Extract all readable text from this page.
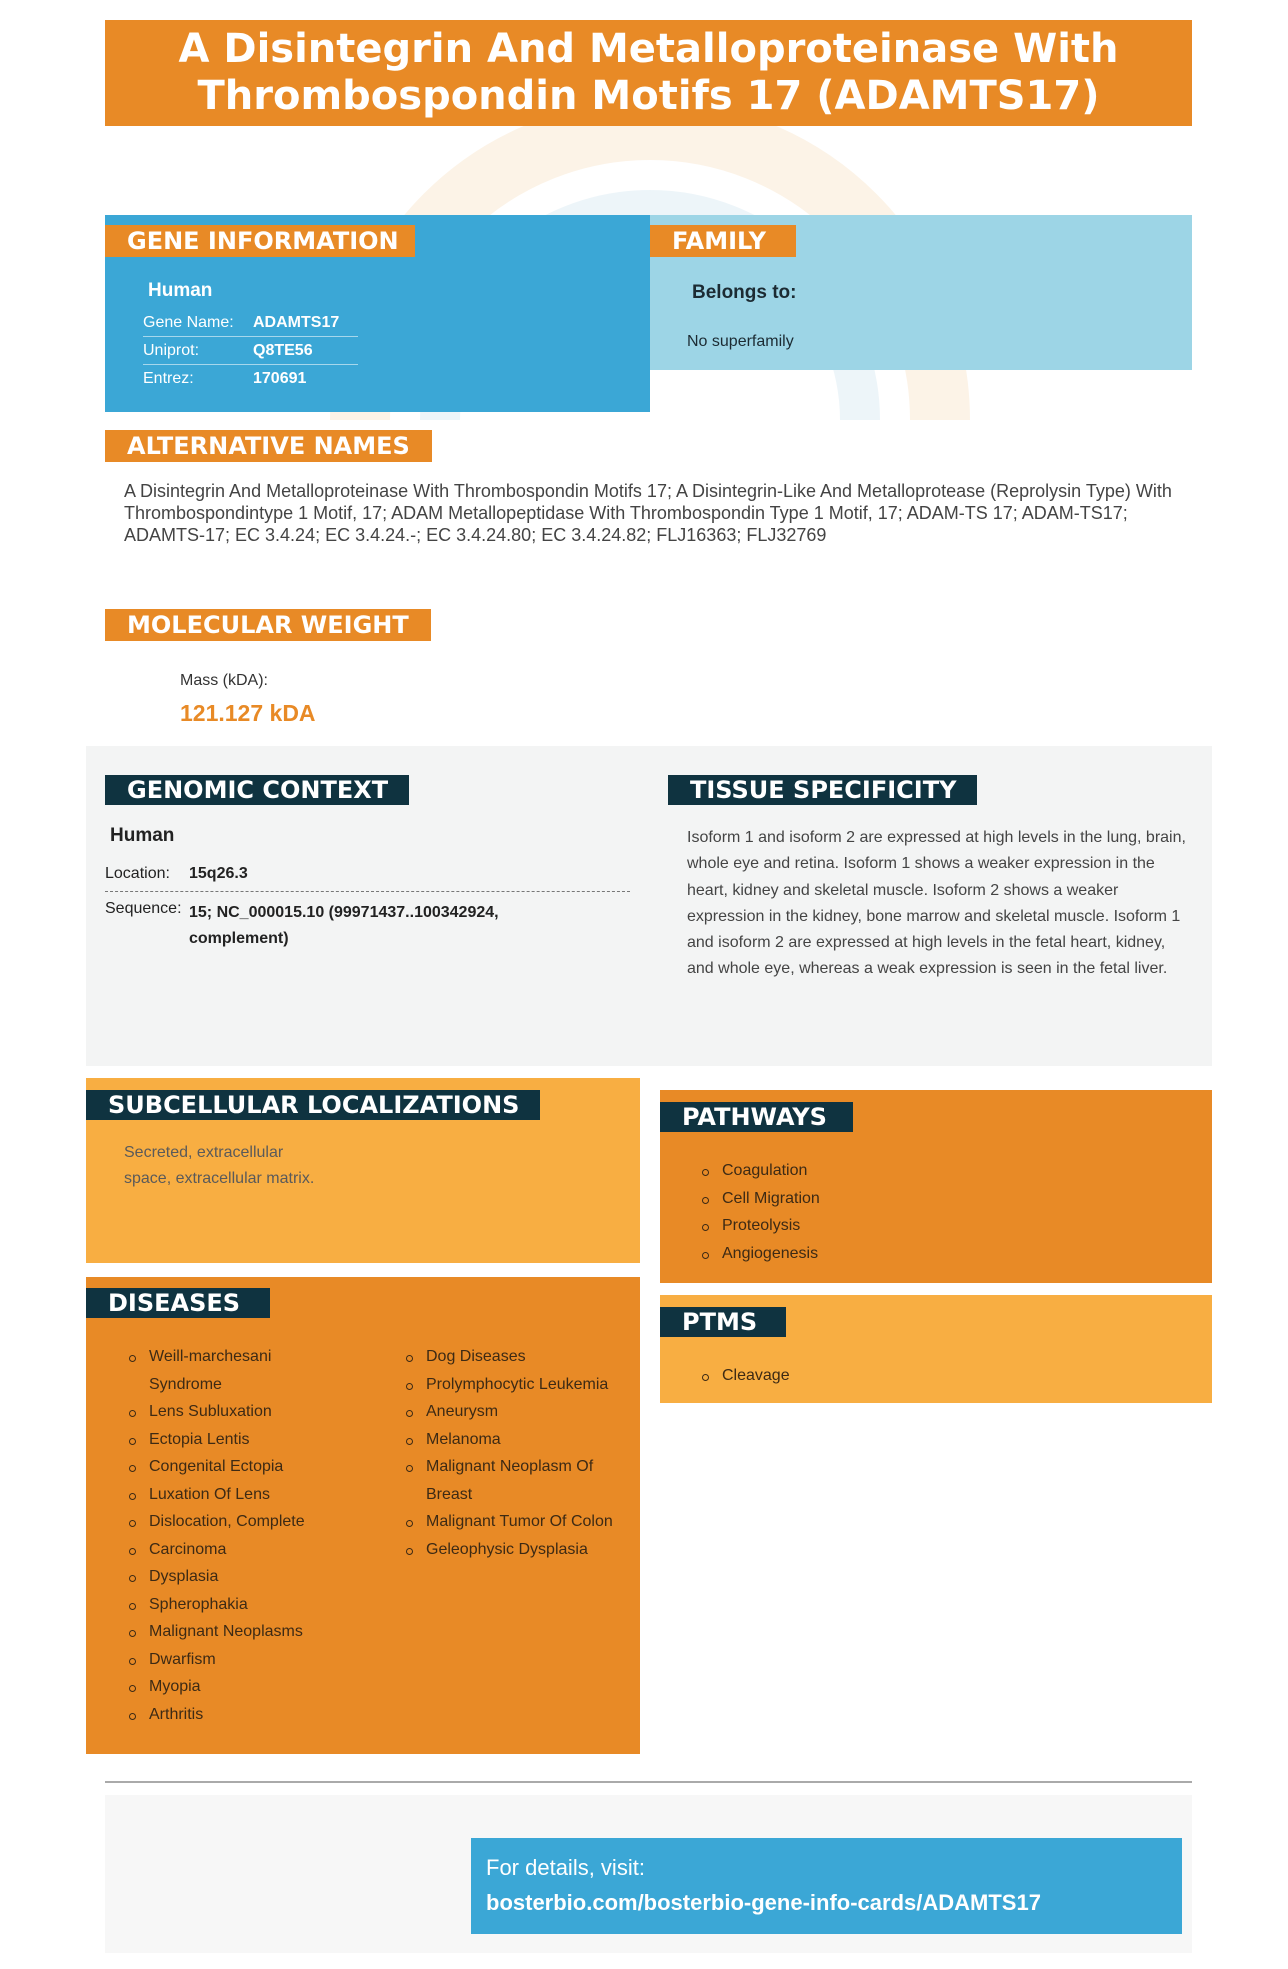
A Disintegrin And Metalloproteinase With Thrombospondin Motifs 17 (ADAMTS17)
GENE INFORMATION
Human
Gene Name: ADAMTS17
Uniprot:	Q8TE56
Entrez:	170691
FAMILY
Belongs to:
No superfamily
ALTERNATIVE NAMES
A Disintegrin And Metalloproteinase With Thrombospondin Motifs 17; A Disintegrin-Like And Metalloprotease (Reprolysin Type) With Thrombospondintype 1 Motif, 17; ADAM Metallopeptidase With Thrombospondin Type 1 Motif, 17; ADAM-TS 17; ADAM-TS17; ADAMTS-17; EC 3.4.24; EC 3.4.24.-; EC 3.4.24.80; EC 3.4.24.82; FLJ16363; FLJ32769
MOLECULAR WEIGHT
Mass (kDA):
121.127 kDA
GENOMIC CONTEXT
Human
Location: 15q26.3
Sequence: 15; NC_000015.10 (99971437..100342924, complement)
TISSUE SPECIFICITY
Isoform 1 and isoform 2 are expressed at high levels in the lung, brain, whole eye and retina. Isoform 1 shows a weaker expression in the heart, kidney and skeletal muscle. Isoform 2 shows a weaker expression in the kidney, bone marrow and skeletal muscle. Isoform 1 and isoform 2 are expressed at high levels in the fetal heart, kidney, and whole eye, whereas a weak expression is seen in the fetal liver.
SUBCELLULAR LOCALIZATIONS
Secreted, extracellular space, extracellular matrix.
DISEASES
Weill-marchesani Syndrome
Lens Subluxation
Ectopia Lentis
Congenital Ectopia
Luxation Of Lens
Dislocation, Complete
Carcinoma
Dysplasia
Spherophakia
Malignant Neoplasms
Dwarfism
Myopia
Arthritis
Dog Diseases
Prolymphocytic Leukemia
Aneurysm
Melanoma
Malignant Neoplasm Of Breast
Malignant Tumor Of Colon
Geleophysic Dysplasia
PATHWAYS
Coagulation
Cell Migration
Proteolysis
Angiogenesis
PTMS
Cleavage
For details, visit:
bosterbio.com/bosterbio-gene-info-cards/ADAMTS17
